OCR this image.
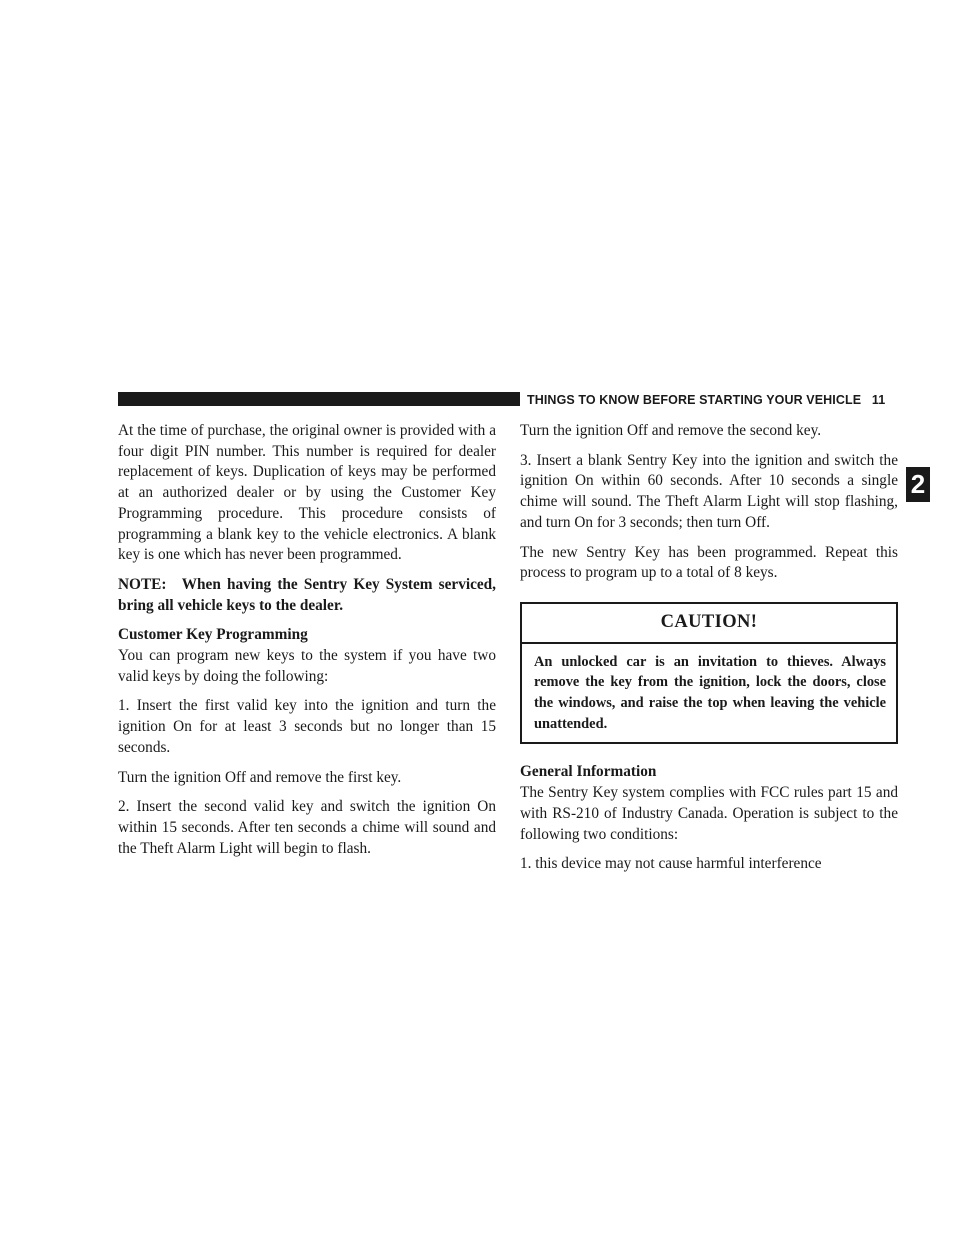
THINGS TO KNOW BEFORE STARTING YOUR VEHICLE 11
2

At the time of purchase, the original owner is provided with a four digit PIN number. This number is required for dealer replacement of keys. Duplication of keys may be performed at an authorized dealer or by using the Customer Key Programming procedure. This procedure consists of programming a blank key to the vehicle electronics. A blank key is one which has never been programmed.

NOTE: When having the Sentry Key System serviced, bring all vehicle keys to the dealer.

Customer Key Programming

You can program new keys to the system if you have two valid keys by doing the following:

1. Insert the first valid key into the ignition and turn the ignition On for at least 3 seconds but no longer than 15 seconds.

Turn the ignition Off and remove the first key.

2. Insert the second valid key and switch the ignition On within 15 seconds. After ten seconds a chime will sound and the Theft Alarm Light will begin to flash.

Turn the ignition Off and remove the second key.

3. Insert a blank Sentry Key into the ignition and switch the ignition On within 60 seconds. After 10 seconds a single chime will sound. The Theft Alarm Light will stop flashing, and turn On for 3 seconds; then turn Off.

The new Sentry Key has been programmed. Repeat this process to program up to a total of 8 keys.

CAUTION!
An unlocked car is an invitation to thieves. Always remove the key from the ignition, lock the doors, close the windows, and raise the top when leaving the vehicle unattended.

General Information

The Sentry Key system complies with FCC rules part 15 and with RS-210 of Industry Canada. Operation is subject to the following two conditions:

1. this device may not cause harmful interference
